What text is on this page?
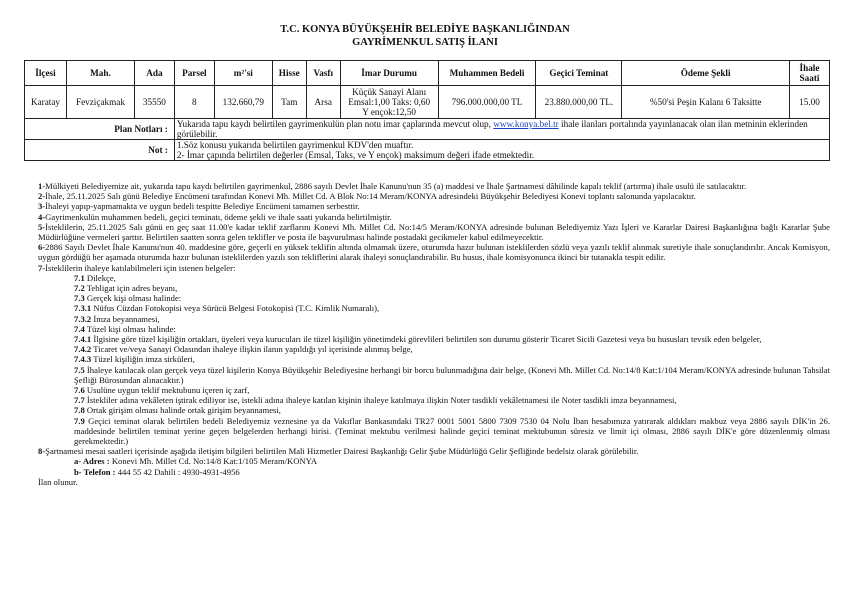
T.C. KONYA BÜYÜKŞEHİR BELEDİYE BAŞKANLIĞINDAN
GAYRİMENKUL SATIŞ İLANI
İlçesi	Mah.	Ada	Parsel	m²'si	Hisse	Vasfı	İmar Durumu	Muhammen Bedeli	Geçici Teminat	Ödeme Şekli	İhale
Saati
Karatay	Fevziçakmak	35550	8	132.660,79	Tam	Arsa	Küçük Sanayi Alanı
Emsal:1,00 Taks: 0,60
Y ençok:12,50	796.000.000,00 TL	23.880.000,00 TL.	%50'si Peşin Kalanı 6 Taksitte	15.00
Plan Notları :			Yukarıda tapu kaydı belirtilen gayrimenkulün plan notu imar çaplarında mevcut olup, www.konya.bel.tr ihale ilanları portalında yayınlanacak olan ilan metninin eklerinden görülebilir.								
Not :			1.Söz konusu yukarıda belirtilen gayrimenkul KDV'den muaftır.
2- İmar çapında belirtilen değerler (Emsal, Taks, ve Y ençok) maksimum değeri ifade etmektedir.								

1-Mülkiyeti Belediyemize ait, yukarıda tapu kaydı belirtilen gayrimenkul, 2886 sayılı Devlet İhale Kanunu'nun 35 (a) maddesi ve İhale Şartnamesi dâhilinde kapalı teklif (artırma) ihale usulü ile satılacaktır.

2-İhale, 25.11.2025 Salı günü Belediye Encümeni tarafından Konevi Mh. Millet Cd. A Blok No:14 Meram/KONYA adresindeki Büyükşehir Belediyesi Konevi toplantı salonunda yapılacaktır.

3-İhaleyi yapıp-yapmamakta ve uygun bedeli tespitte Belediye Encümeni tamamen serbesttir.

4-Gayrimenkulün muhammen bedeli, geçici teminatı, ödeme şekli ve ihale saati yukarıda belirtilmiştir.

5-İsteklilerin, 25.11.2025 Salı günü en geç saat 11.00'e kadar teklif zarflarını Konevi Mh. Millet Cd. No:14/5 Meram/KONYA adresinde bulunan Belediyemiz Yazı İşleri ve Kararlar Dairesi Başkanlığına bağlı Kararlar Şube Müdürlüğüne vermeleri şarttır. Belirtilen saatten sonra gelen teklifler ve posta ile başvurulması halinde postadaki gecikmeler kabul edilmeyecektir.

6-2886 Sayılı Devlet İhale Kanunu'nun 40. maddesine göre, geçerli en yüksek teklifin altında olmamak üzere, oturumda hazır bulunan isteklilerden sözlü veya yazılı teklif alınmak suretiyle ihale sonuçlandırılır. Ancak Komisyon, uygun gördüğü her aşamada oturumda hazır bulunan isteklilerden yazılı son tekliflerini alarak ihaleyi sonuçlandırabilir. Bu husus, ihale komisyonunca ikinci bir tutanakla tespit edilir.

7-İsteklilerin ihaleye katılabilmeleri için istenen belgeler:

7.1 Dilekçe,

7.2 Tebligat için adres beyanı,

7.3 Gerçek kişi olması halinde:

7.3.1 Nüfus Cüzdan Fotokopisi veya Sürücü Belgesi Fotokopisi (T.C. Kimlik Numaralı),

7.3.2 İmza beyannamesi,

7.4 Tüzel kişi olması halinde:

7.4.1 İlgisine göre tüzel kişiliğin ortakları, üyeleri veya kurucuları ile tüzel kişiliğin yönetimdeki görevlileri belirtilen son durumu gösterir Ticaret Sicili Gazetesi veya bu hususları tevsik eden belgeler,

7.4.2 Ticaret ve/veya Sanayi Odasından ihaleye ilişkin ilanın yapıldığı yıl içerisinde alınmış belge,

7.4.3 Tüzel kişiliğin imza sirküleri,

7.5 İhaleye katılacak olan gerçek veya tüzel kişilerin Konya Büyükşehir Belediyesine herhangi bir borcu bulunmadığına dair belge, (Konevi Mh. Millet Cd. No:14/8 Kat:1/104 Meram/KONYA adresinde bulunan Tahsilat Şefliği Bürosundan alınacaktır.)

7.6 Usulüne uygun teklif mektubunu içeren iç zarf,

7.7 İstekliler adına vekâleten iştirak ediliyor ise, istekli adına ihaleye katılan kişinin ihaleye katılmaya ilişkin Noter tasdikli vekâletnamesi ile Noter tasdikli imza beyannamesi,

7.8 Ortak girişim olması halinde ortak girişim beyannamesi,

7.9 Geçici teminat olarak belirtilen bedeli Belediyemiz veznesine ya da Vakıflar Bankasındaki TR27 0001 5001 5800 7309 7530 04 Nolu İban hesabımıza yatırarak aldıkları makbuz veya 2886 sayılı DİK'in 26. maddesinde belirtilen teminat yerine geçen belgelerden herhangi birisi. (Teminat mektubu verilmesi halinde geçici teminat mektubunun süresiz ve limit içi olması, 2886 sayılı DİK'e göre düzenlenmiş olması gerekmektedir.)

8-Şartnamesi mesai saatleri içerisinde aşağıda iletişim bilgileri belirtilen Mali Hizmetler Dairesi Başkanlığı Gelir Şube Müdürlüğü Gelir Şefliğinde bedelsiz olarak görülebilir.

a- Adres : Konevi Mh. Millet Cd. No:14/8 Kat:1/105 Meram/KONYA

b- Telefon : 444 55 42 Dahili : 4930-4931-4956

İlan olunur.
